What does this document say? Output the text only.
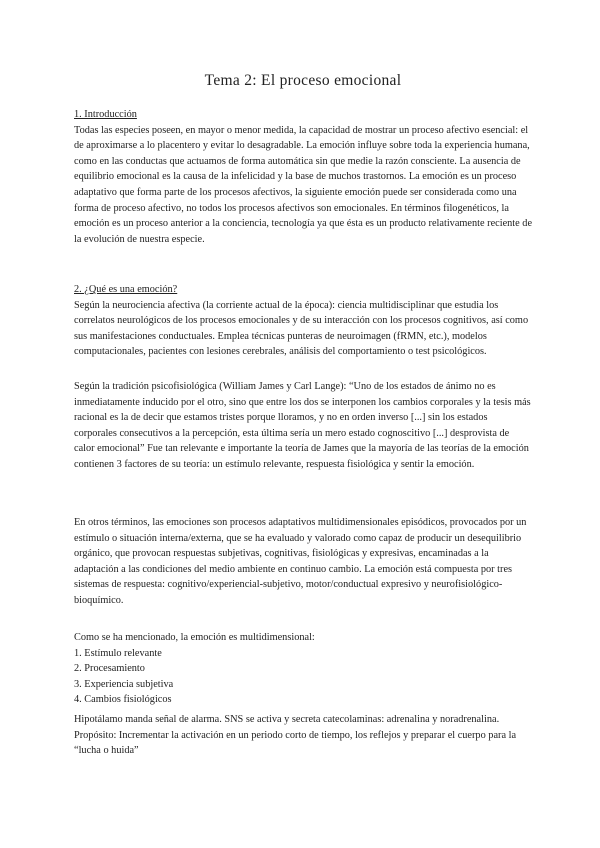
Tema 2: El proceso emocional
1. Introducción
Todas las especies poseen, en mayor o menor medida, la capacidad de mostrar un proceso afectivo esencial: el de aproximarse a lo placentero y evitar lo desagradable. La emoción influye sobre toda la experiencia humana, como en las conductas que actuamos de forma automática sin que medie la razón consciente. La ausencia de equilibrio emocional es la causa de la infelicidad y la base de muchos trastornos. La emoción es un proceso adaptativo que forma parte de los procesos afectivos, la siguiente emoción puede ser considerada como una forma de proceso afectivo, no todos los procesos afectivos son emocionales. En términos filogenéticos, la emoción es un proceso anterior a la conciencia, tecnología ya que ésta es un producto relativamente reciente de la evolución de nuestra especie.
2. ¿Qué es una emoción?
Según la neurociencia afectiva (la corriente actual de la época): ciencia multidisciplinar que estudia los correlatos neurológicos de los procesos emocionales y de su interacción con los procesos cognitivos, así como sus manifestaciones conductuales. Emplea técnicas punteras de neuroimagen (fRMN, etc.), modelos computacionales, pacientes con lesiones cerebrales, análisis del comportamiento o test psicológicos.
Según la tradición psicofisiológica (William James y Carl Lange): “Uno de los estados de ánimo no es inmediatamente inducido por el otro, sino que entre los dos se interponen los cambios corporales y la tesis más racional es la de decir que estamos tristes porque lloramos, y no en orden inverso [...] sin los estados corporales consecutivos a la percepción, esta última sería un mero estado cognoscitivo [...] desprovista de calor emocional” Fue tan relevante e importante la teoría de James que la mayoría de las teorías de la emoción contienen 3 factores de su teoría: un estímulo relevante, respuesta fisiológica y sentir la emoción.
En otros términos, las emociones son procesos adaptativos multidimensionales episódicos, provocados por un estímulo o situación interna/externa, que se ha evaluado y valorado como capaz de producir un desequilibrio orgánico, que provocan respuestas subjetivas, cognitivas, fisiológicas y expresivas, encaminadas a la adaptación a las condiciones del medio ambiente en continuo cambio. La emoción está compuesta por tres sistemas de respuesta: cognitivo/experiencial-subjetivo, motor/conductual expresivo y neurofisiológico-bioquímico.
Como se ha mencionado, la emoción es multidimensional:
1. Estímulo relevante
2. Procesamiento
3. Experiencia subjetiva
4. Cambios fisiológicos
Hipotálamo manda señal de alarma. SNS se activa y secreta catecolaminas: adrenalina y noradrenalina. Propósito: Incrementar la activación en un periodo corto de tiempo, los reflejos y preparar el cuerpo para la “lucha o huida”
